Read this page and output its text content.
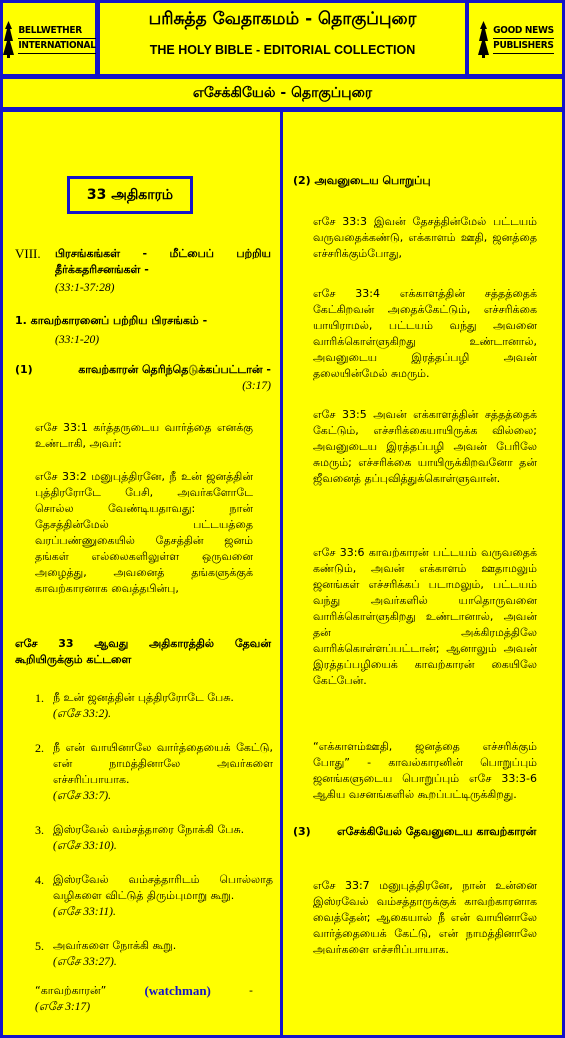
BELLWETHER
INTERNATIONAL
பரிசுத்த வேதாகமம் - தொகுப்புரை
THE HOLY BIBLE - EDITORIAL COLLECTION
GOOD NEWS
PUBLISHERS
எசேக்கியேல் - தொகுப்புரை
33 அதிகாரம்
VIII.	பிரசங்கங்கள் - மீட்பைப் பற்றிய தீர்க்கதரிசனங்கள் -
(33:1-37:28)
1. காவற்காரனைப் பற்றிய பிரசங்கம் -
(33:1-20)
(1)	காவற்காரன் தெரிந்தெடுக்கப்பட்டான் - (3:17)
எசே 33:1 கர்த்தருடைய வார்த்தை எனக்கு உண்டாகி, அவர்:
எசே 33:2 மனுபுத்திரனே, நீ உன் ஜனத்தின் புத்திரரோடே பேசி, அவர்களோடே சொல்ல வேண்டியதாவது: நான் தேசத்தின்மேல் பட்டயத்தை வரப்பண்ணுகையில் தேசத்தின் ஜனம் தங்கள் எல்லைகளிலுள்ள ஒருவனை அழைத்து, அவனைத் தங்களுக்குக் காவற்காரனாக வைத்தபின்பு,
எசே 33 ஆவது அதிகாரத்தில் தேவன் கூறியிருக்கும் கட்டளை
1. நீ உன் ஜனத்தின் புத்திரரோடே பேசு.
(எசே 33:2).
2. நீ என் வாயினாலே வார்த்தையைக் கேட்டு, என் நாமத்தினாலே அவர்களை எச்சரிப்பாயாக.
(எசே 33:7).
3. இஸ்ரவேல் வம்சத்தாரை நோக்கி பேசு.
(எசே 33:10).
4. இஸ்ரவேல் வம்சத்தாரிடம் பொல்லாத வழிகளை விட்டுத் திரும்புமாறு கூறு.
(எசே 33:11).
5. அவர்களை நோக்கி கூறு.
(எசே 33:27).
“காவற்காரன்”	(watchman)	-
(எசே 3:17)
(2) அவனுடைய பொறுப்பு
எசே 33:3 இவன் தேசத்தின்மேல் பட்டயம் வருவதைக்கண்டு, எக்காளம் ஊதி, ஜனத்தை எச்சரிக்கும்போது,
எசே 33:4 எக்காளத்தின் சத்தத்தைக் கேட்கிறவன் அதைக்கேட்டும், எச்சரிக்கை யாயிராமல், பட்டயம் வந்து அவனை வாரிக்கொள்ளுகிறது உண்டானால், அவனுடைய இரத்தப்பழி அவன் தலையின்மேல் சுமரும்.
எசே 33:5 அவன் எக்காளத்தின் சத்தத்தைக் கேட்டும், எச்சரிக்கையாயிருக்க வில்லை; அவனுடைய இரத்தப்பழி அவன் பேரிலே சுமரும்; எச்சரிக்கை யாயிருக்கிறவனோ தன் ஜீவனைத் தப்புவித்துக்கொள்ளுவான்.
எசே 33:6 காவற்காரன் பட்டயம் வருவதைக் கண்டும், அவன் எக்காளம் ஊதாமலும் ஜனங்கள் எச்சரிக்கப் படாமலும், பட்டயம் வந்து அவர்களில் யாதொருவனை வாரிக்கொள்ளுகிறது உண்டானால், அவன் தன் அக்கிரமத்திலே வாரிக்கொள்ளப்பட்டான்; ஆனாலும் அவன் இரத்தப்பழியைக் காவற்காரன் கையிலே கேட்பேன்.
“எக்காளம்ஊதி, ஜனத்தை எச்சரிக்கும் போது” - காவல்காரனின் பொறுப்பும் ஜனங்களுடைய பொறுப்பும் எசே 33:3-6 ஆகிய வசனங்களில் கூறப்பட்டிருக்கிறது.
(3)	எசேக்கியேல் தேவனுடைய காவற்காரன்
எசே 33:7 மனுபுத்திரனே, நான் உன்னை இஸ்ரவேல் வம்சத்தாருக்குக் காவற்காரனாக வைத்தேன்; ஆகையால் நீ என் வாயினாலே வார்த்தையைக் கேட்டு, என் நாமத்தினாலே அவர்களை எச்சரிப்பாயாக.
